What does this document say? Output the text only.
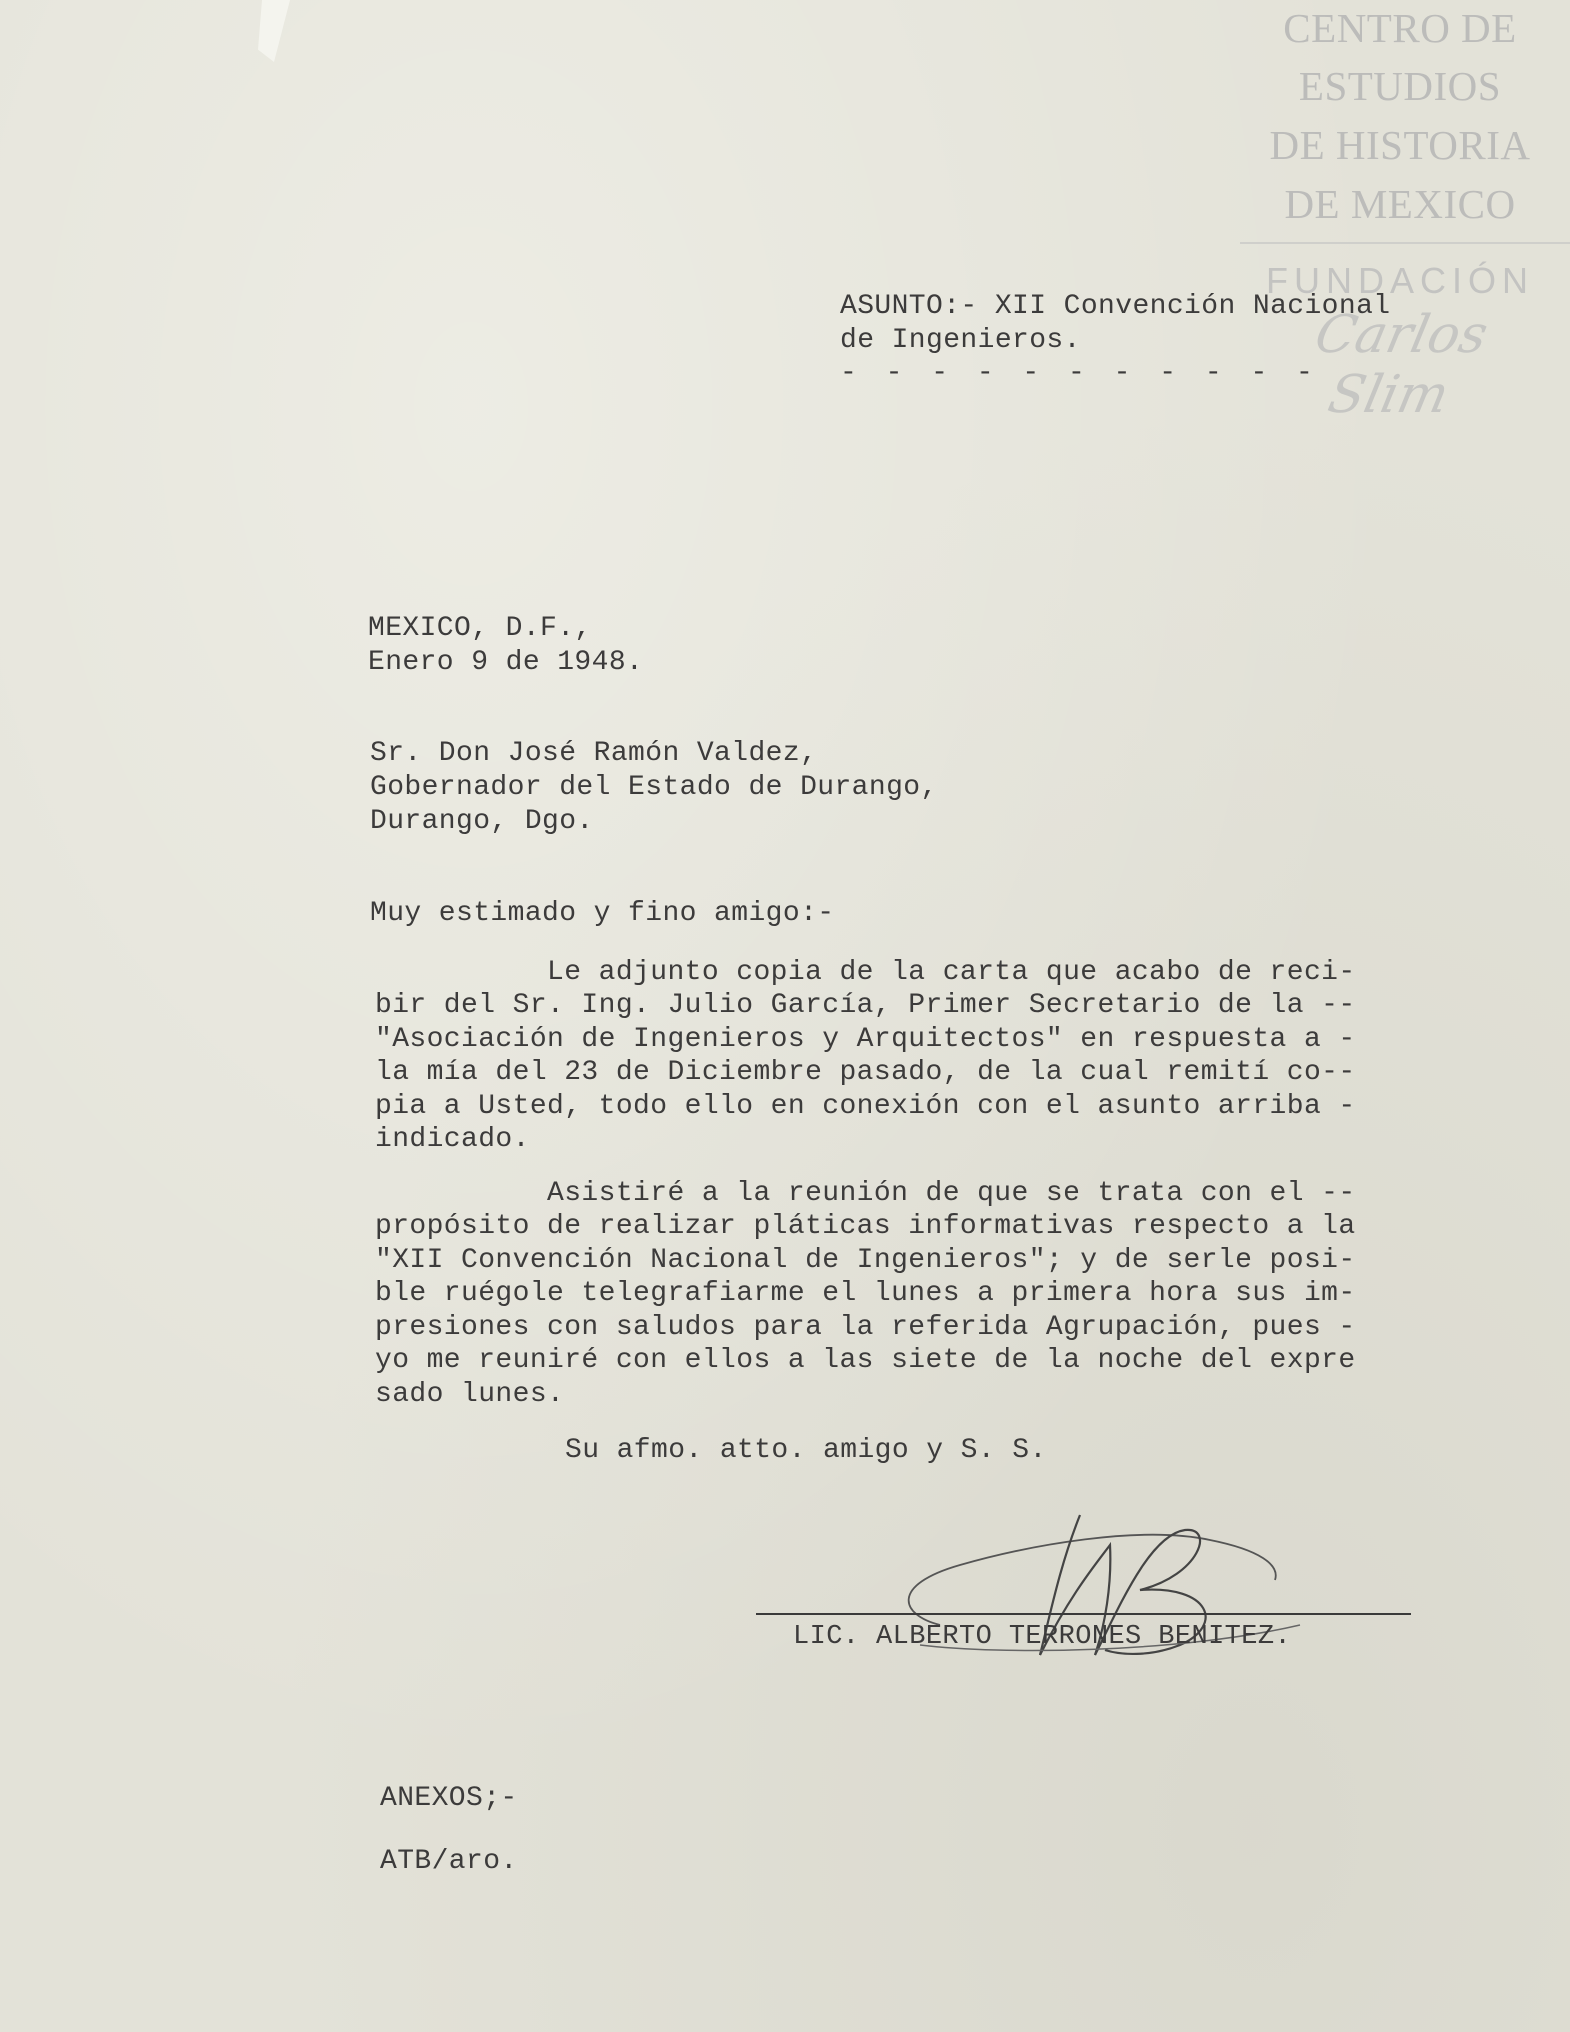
CENTRO DE
ESTUDIOS
DE HISTORIA
DE MEXICO
FUNDACIÓN
Carlos Slim
ASUNTO:- XII Convención Nacional
de Ingenieros.
- - - - - - - - - - -
MEXICO, D.F.,
Enero 9 de 1948.
Sr. Don José Ramón Valdez,
Gobernador del Estado de Durango,
Durango, Dgo.
Muy estimado y fino amigo:-
Le adjunto copia de la carta que acabo de reci-
bir del Sr. Ing. Julio García, Primer Secretario de la --
"Asociación de Ingenieros y Arquitectos" en respuesta a -
la mía del 23 de Diciembre pasado, de la cual remití co--
pia a Usted, todo ello en conexión con el asunto arriba -
indicado.
Asistiré a la reunión de que se trata con el --
propósito de realizar pláticas informativas respecto a la
"XII Convención Nacional de Ingenieros"; y de serle posi-
ble ruégole telegrafiarme el lunes a primera hora sus im-
presiones con saludos para la referida Agrupación, pues -
yo me reuniré con ellos a las siete de la noche del expre
sado lunes.
Su afmo. atto. amigo y S. S.
LIC. ALBERTO TERRONES BENITEZ.
ANEXOS;-
ATB/aro.
